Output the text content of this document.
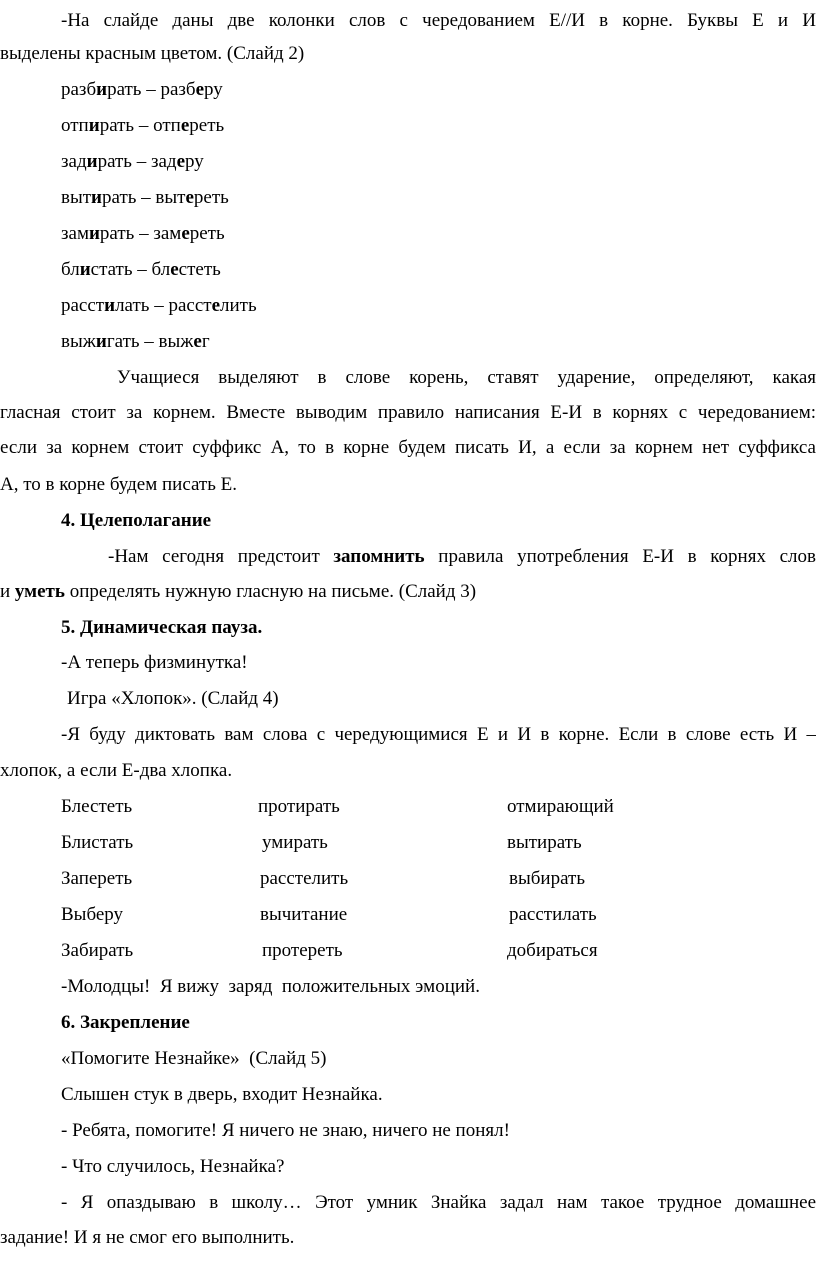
-На слайде даны две колонки слов с чередованием Е//И в корне. Буквы Е и И
выделены красным цветом. (Слайд 2)
разбирать – разберу
отпирать – отпереть
задирать – задеру
вытирать – вытереть
замирать – замереть
блистать – блестеть
расстилать – расстелить
выжигать – выжег
Учащиеся выделяют в слове корень, ставят ударение, определяют, какая
гласная стоит за корнем. Вместе выводим правило написания Е-И в корнях с чередованием:
если за корнем стоит суффикс А, то в корне будем писать И, а если за корнем нет суффикса
А, то в корне будем писать Е.
4. Целеполагание
-Нам сегодня предстоит запомнить правила употребления Е-И в корнях слов
и уметь определять нужную гласную на письме. (Слайд 3)
5. Динамическая пауза.
-А теперь физминутка!
Игра «Хлопок». (Слайд 4)
-Я буду диктовать вам слова с чередующимися Е и И в корне. Если в слове есть И –
хлопок, а если Е-два хлопка.
Блестеть	протирать	отмирающий
Блистать	умирать	вытирать
Запереть	расстелить	выбирать
Выберу	вычитание	расстилать
Забирать	протереть	добираться
-Молодцы!  Я вижу  заряд  положительных эмоций.
6. Закрепление
«Помогите Незнайке»  (Слайд 5)
Слышен стук в дверь, входит Незнайка.
- Ребята, помогите! Я ничего не знаю, ничего не понял!
- Что случилось, Незнайка?
- Я опаздываю в школу… Этот умник Знайка задал нам такое трудное домашнее
задание! И я не смог его выполнить.
